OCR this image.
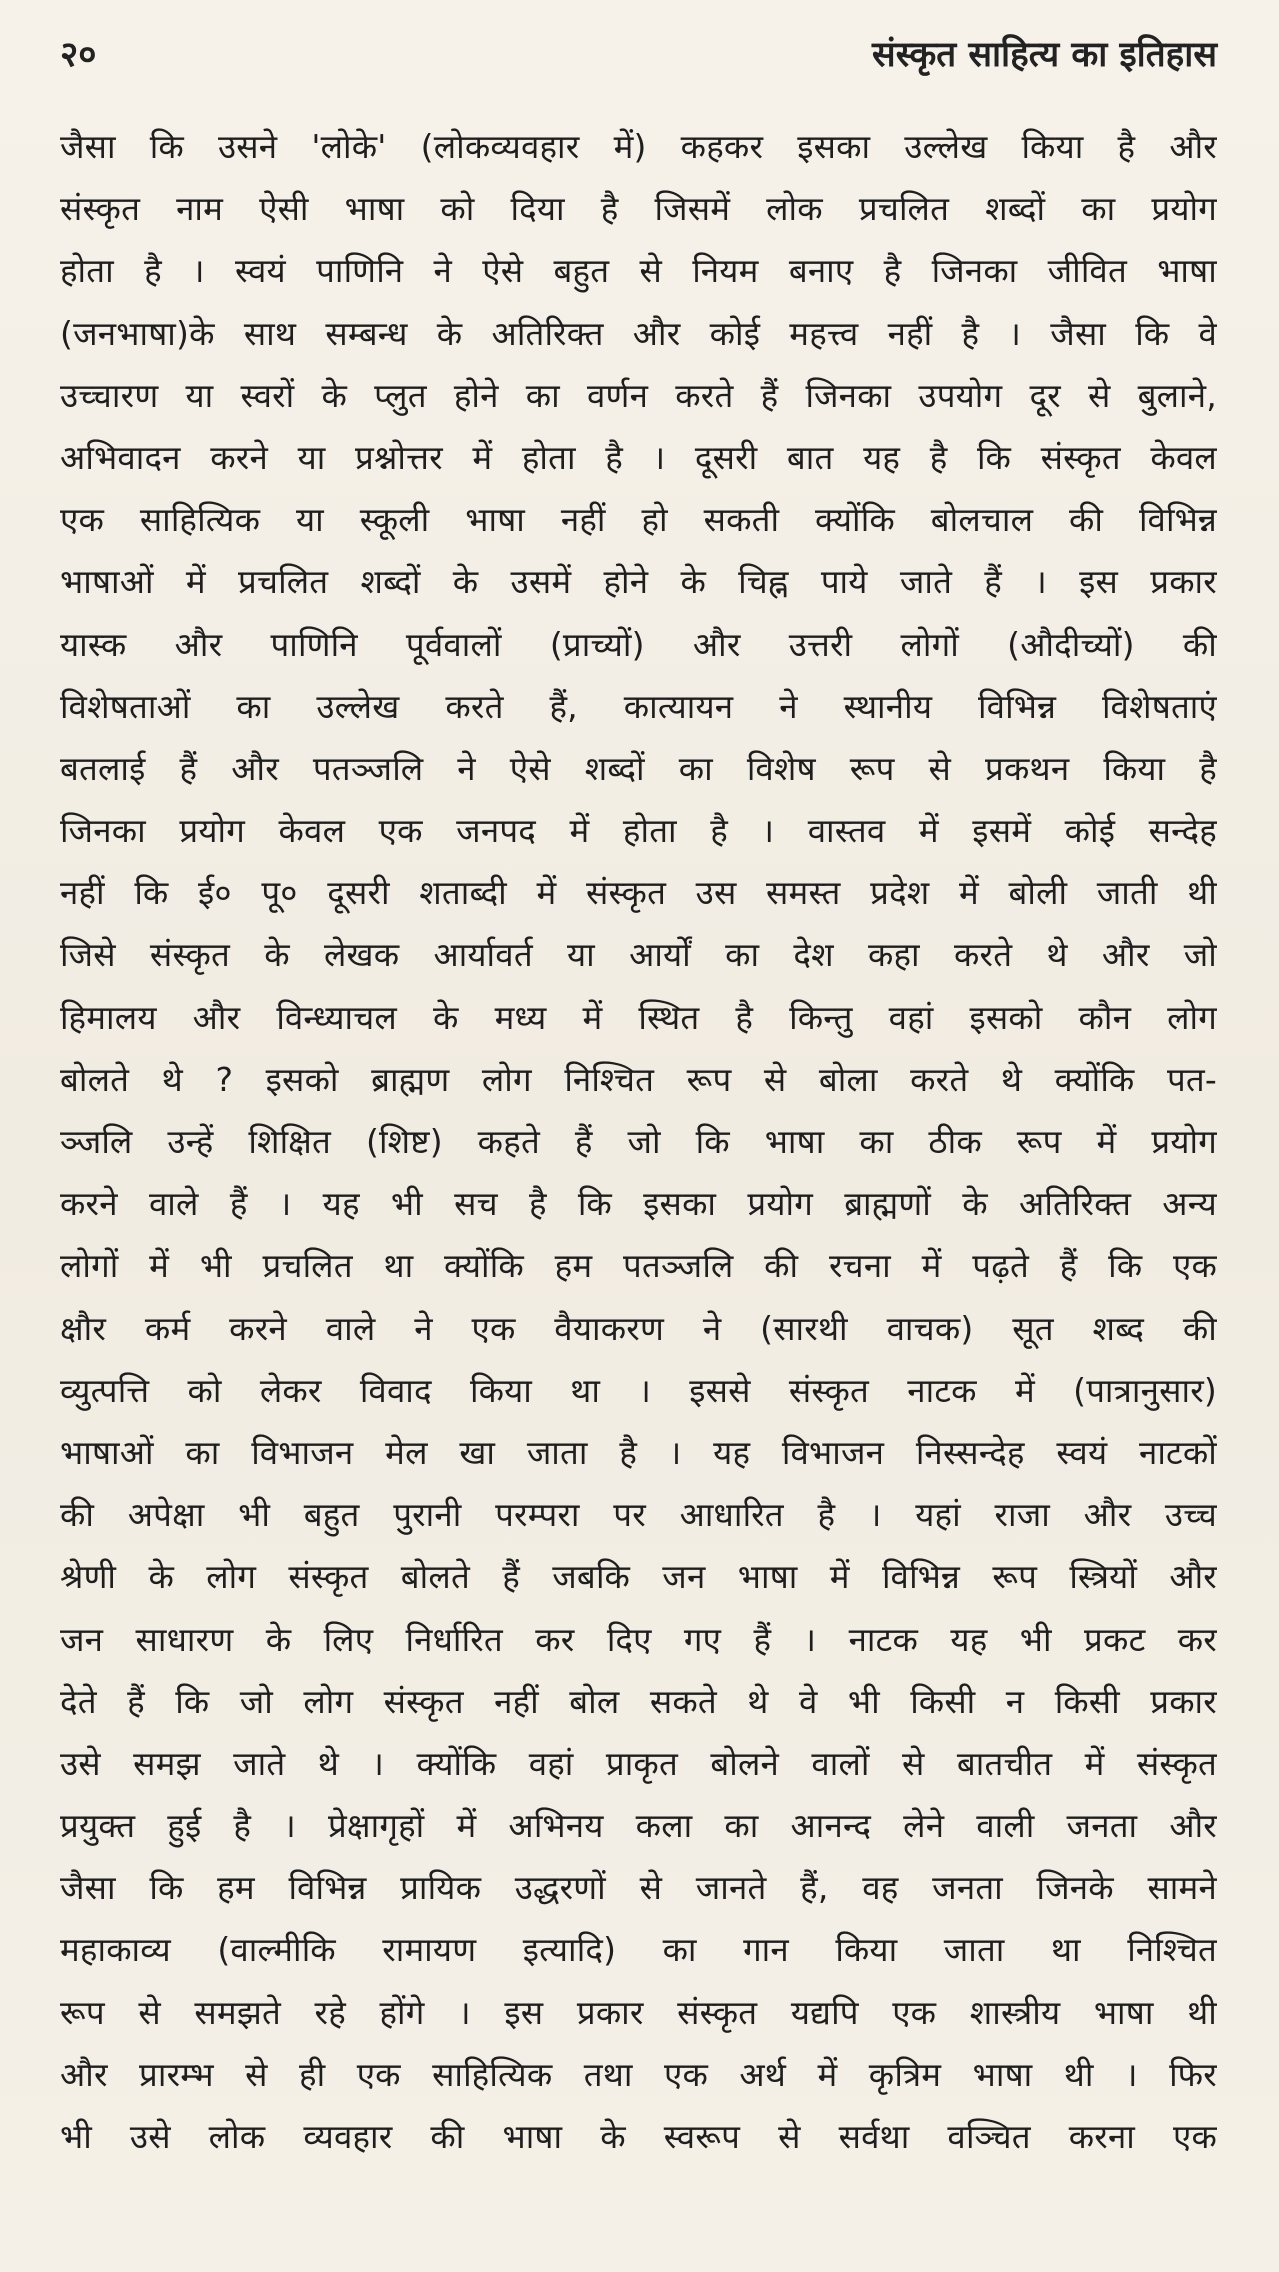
२०	संस्कृत साहित्य का इतिहास
जैसा कि उसने 'लोके' (लोकव्यवहार में) कहकर इसका उल्लेख किया है और
संस्कृत नाम ऐसी भाषा को दिया है जिसमें लोक प्रचलित शब्दों का प्रयोग
होता है । स्वयं पाणिनि ने ऐसे बहुत से नियम बनाए है जिनका जीवित भाषा
(जनभाषा)के साथ सम्बन्ध के अतिरिक्त और कोई महत्त्व नहीं है । जैसा कि वे
उच्चारण या स्वरों के प्लुत होने का वर्णन करते हैं जिनका उपयोग दूर से बुलाने,
अभिवादन करने या प्रश्नोत्तर में होता है । दूसरी बात यह है कि संस्कृत केवल
एक साहित्यिक या स्कूली भाषा नहीं हो सकती क्योंकि बोलचाल की विभिन्न
भाषाओं में प्रचलित शब्दों के उसमें होने के चिह्न पाये जाते हैं । इस प्रकार
यास्क और पाणिनि पूर्ववालों (प्राच्यों) और उत्तरी लोगों (औदीच्यों) की
विशेषताओं का उल्लेख करते हैं, कात्यायन ने स्थानीय विभिन्न विशेषताएं
बतलाई हैं और पतञ्जलि ने ऐसे शब्दों का विशेष रूप से प्रकथन किया है
जिनका प्रयोग केवल एक जनपद में होता है । वास्तव में इसमें कोई सन्देह
नहीं कि ई० पू० दूसरी शताब्दी में संस्कृत उस समस्त प्रदेश में बोली जाती थी
जिसे संस्कृत के लेखक आर्यावर्त या आर्यों का देश कहा करते थे और जो
हिमालय और विन्ध्याचल के मध्य में स्थित है किन्तु वहां इसको कौन लोग
बोलते थे ? इसको ब्राह्मण लोग निश्चित रूप से बोला करते थे क्योंकि पत-
ञ्जलि उन्हें शिक्षित (शिष्ट) कहते हैं जो कि भाषा का ठीक रूप में प्रयोग
करने वाले हैं । यह भी सच है कि इसका प्रयोग ब्राह्मणों के अतिरिक्त अन्य
लोगों में भी प्रचलित था क्योंकि हम पतञ्जलि की रचना में पढ़ते हैं कि एक
क्षौर कर्म करने वाले ने एक वैयाकरण ने (सारथी वाचक) सूत शब्द की
व्युत्पत्ति को लेकर विवाद किया था । इससे संस्कृत नाटक में (पात्रानुसार)
भाषाओं का विभाजन मेल खा जाता है । यह विभाजन निस्सन्देह स्वयं नाटकों
की अपेक्षा भी बहुत पुरानी परम्परा पर आधारित है । यहां राजा और उच्च
श्रेणी के लोग संस्कृत बोलते हैं जबकि जन भाषा में विभिन्न रूप स्त्रियों और
जन साधारण के लिए निर्धारित कर दिए गए हैं । नाटक यह भी प्रकट कर
देते हैं कि जो लोग संस्कृत नहीं बोल सकते थे वे भी किसी न किसी प्रकार
उसे समझ जाते थे । क्योंकि वहां प्राकृत बोलने वालों से बातचीत में संस्कृत
प्रयुक्त हुई है । प्रेक्षागृहों में अभिनय कला का आनन्द लेने वाली जनता और
जैसा कि हम विभिन्न प्रायिक उद्धरणों से जानते हैं, वह जनता जिनके सामने
महाकाव्य (वाल्मीकि रामायण इत्यादि) का गान किया जाता था निश्चित
रूप से समझते रहे होंगे । इस प्रकार संस्कृत यद्यपि एक शास्त्रीय भाषा थी
और प्रारम्भ से ही एक साहित्यिक तथा एक अर्थ में कृत्रिम भाषा थी । फिर
भी उसे लोक व्यवहार की भाषा के स्वरूप से सर्वथा वञ्चित करना एक
